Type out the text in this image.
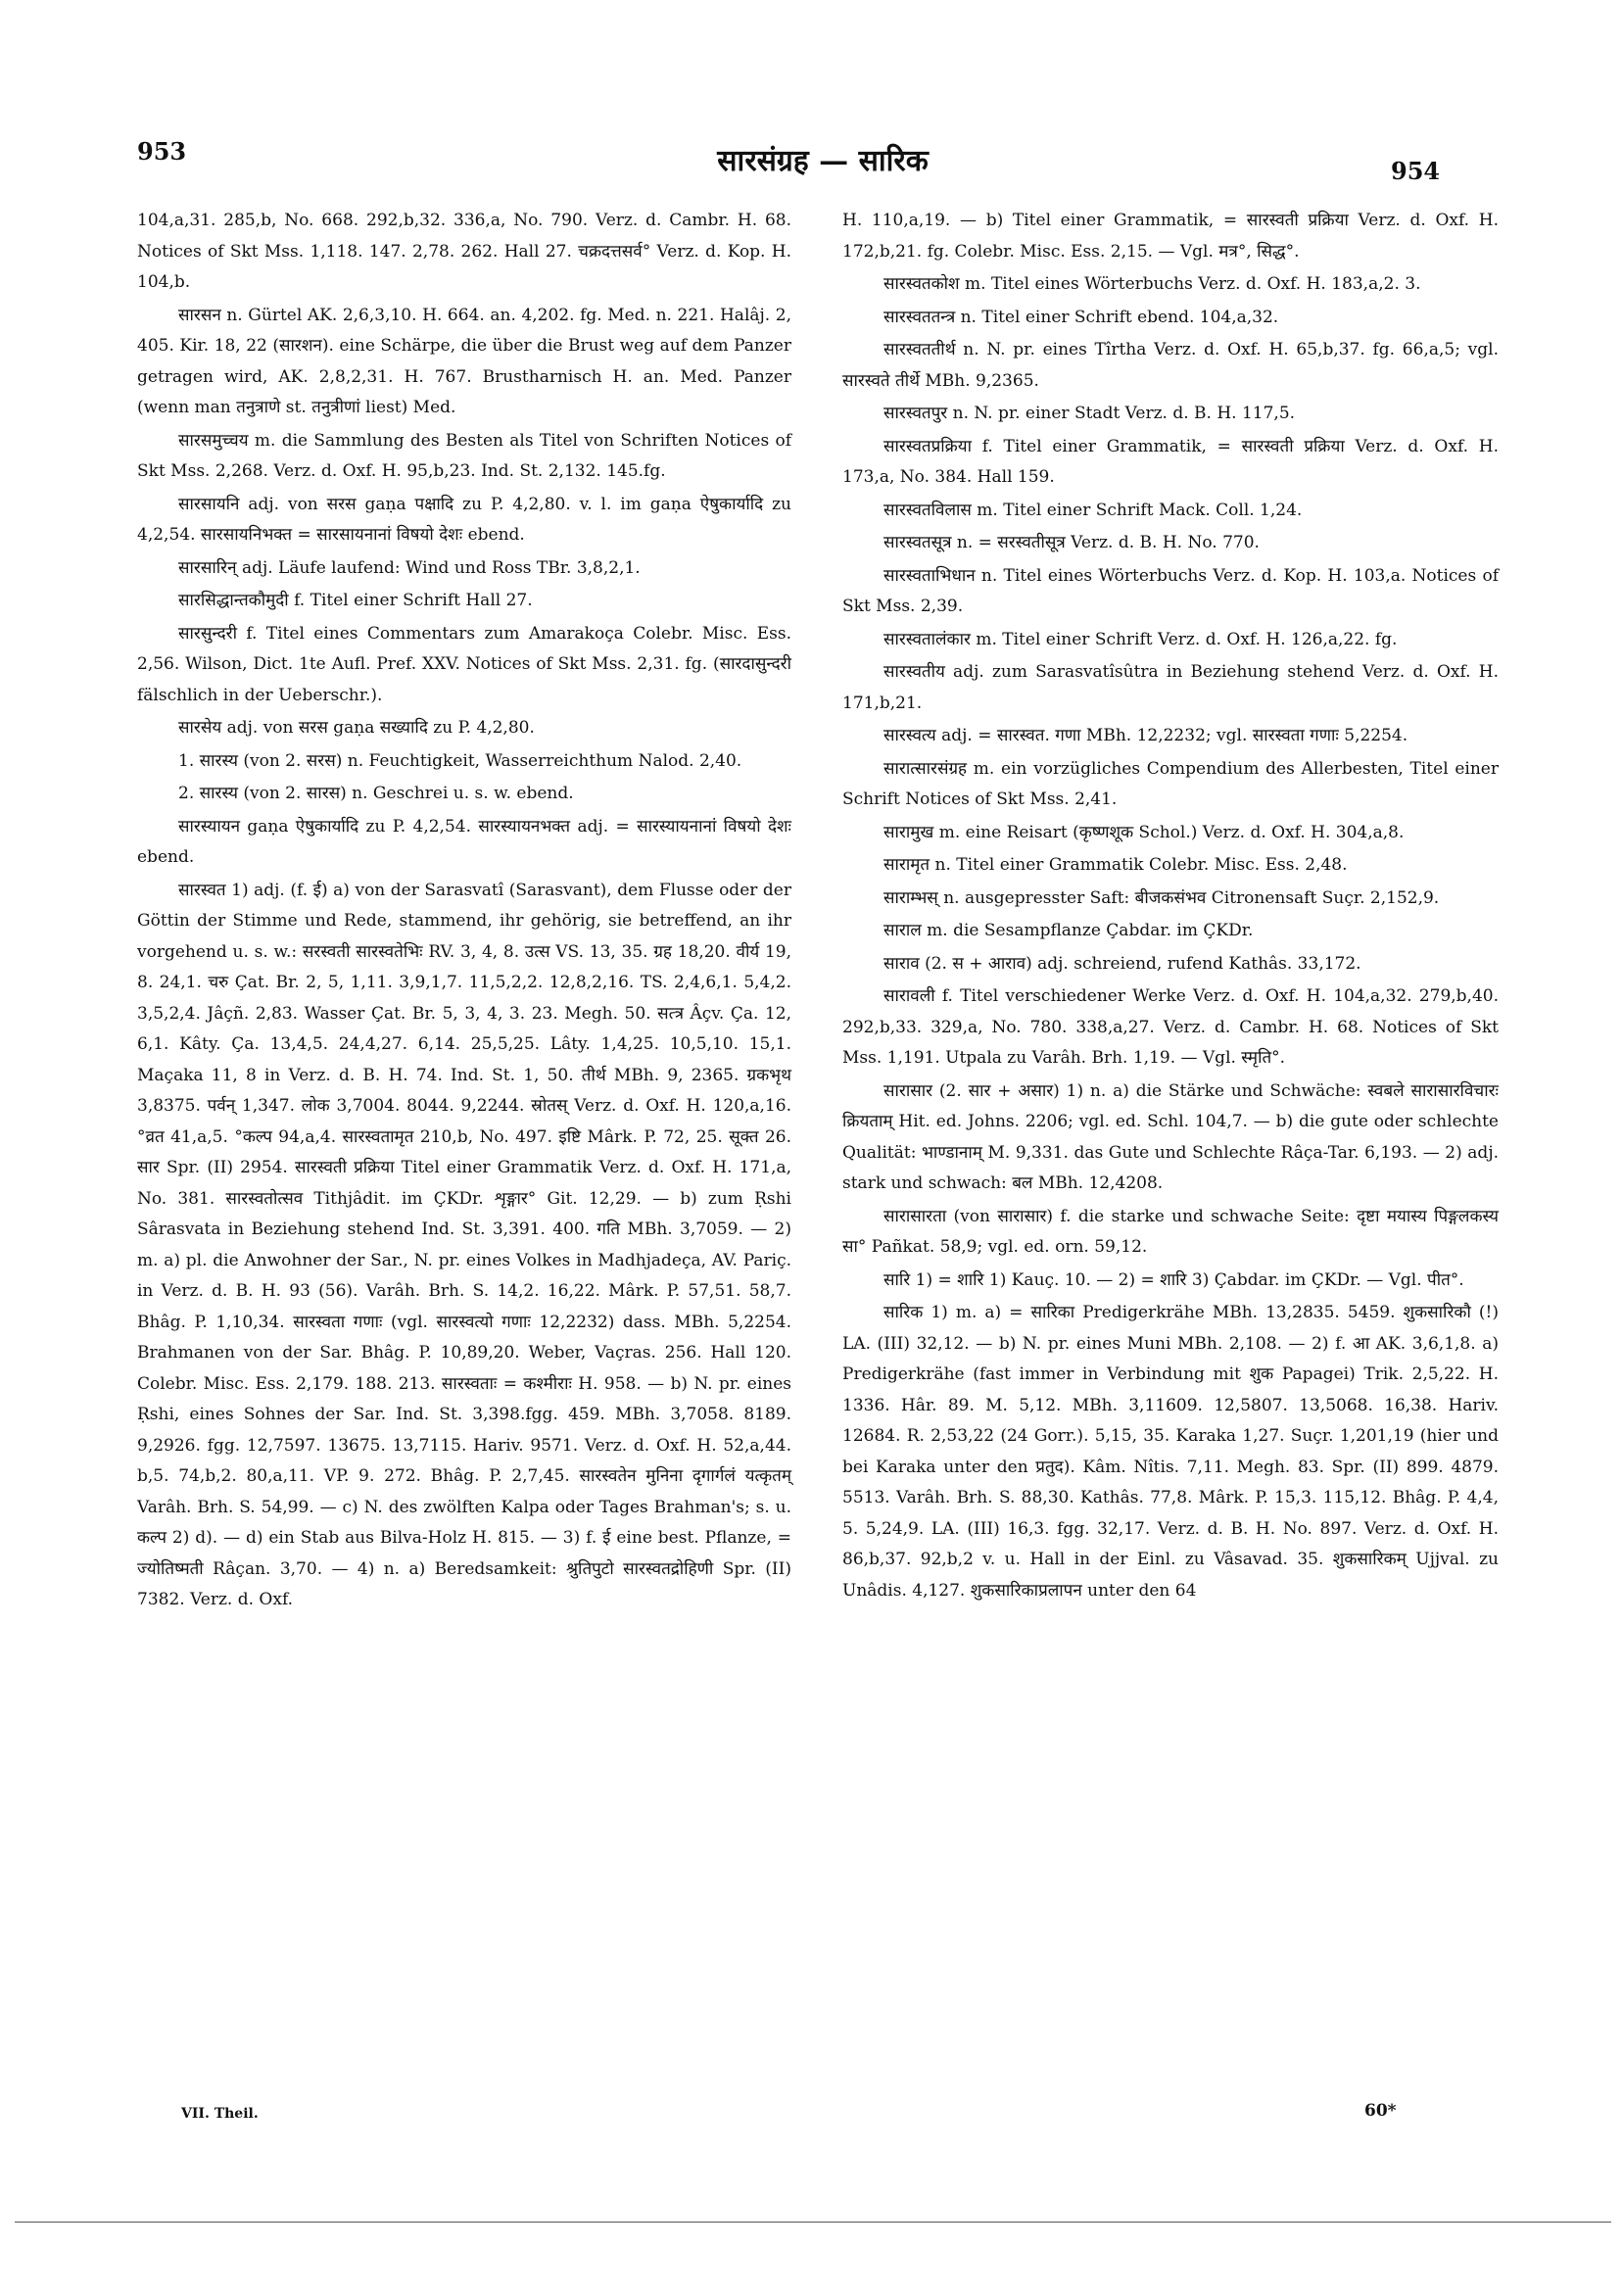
953	सारसंग्रह — सारिक	954

104,a,31. 285,b, No. 668. 292,b,32. 336,a, No. 790. Verz. d. Cambr. H. 68. Notices of Skt Mss. 1,118. 147. 2,78. 262. Hall 27. चक्रदत्तसर्व° Verz. d. Kop. H. 104,b.

सारसन n. Gürtel AK. 2,6,3,10. H. 664. an. 4,202. fg. Med. n. 221. Halâj. 2, 405. Kir. 18, 22 (सारशन). eine Schärpe, die über die Brust weg auf dem Panzer getragen wird, AK. 2,8,2,31. H. 767. Brustharnisch H. an. Med. Panzer (wenn man तनुत्राणे st. तनुत्रीणां liest) Med.

सारसमुच्चय m. die Sammlung des Besten als Titel von Schriften Notices of Skt Mss. 2,268. Verz. d. Oxf. H. 95,b,23. Ind. St. 2,132. 145.fg.

सारसायनि adj. von सरस gaṇa पक्षादि zu P. 4,2,80. v. l. im gaṇa ऐषुकार्यादि zu 4,2,54. सारसायनिभक्त = सारसायनानां विषयो देशः ebend.

सारसारिन् adj. Läufe laufend: Wind und Ross TBr. 3,8,2,1.

सारसिद्धान्तकौमुदी f. Titel einer Schrift Hall 27.

सारसुन्दरी f. Titel eines Commentars zum Amarakoça Colebr. Misc. Ess. 2,56. Wilson, Dict. 1te Aufl. Pref. XXV. Notices of Skt Mss. 2,31. fg. (सारदासुन्दरी fälschlich in der Ueberschr.).

सारसेय adj. von सरस gaṇa सख्यादि zu P. 4,2,80.

1. सारस्य (von 2. सरस) n. Feuchtigkeit, Wasserreichthum Nalod. 2,40.

2. सारस्य (von 2. सारस) n. Geschrei u. s. w. ebend.

सारस्यायन gaṇa ऐषुकार्यादि zu P. 4,2,54. सारस्यायनभक्त adj. = सारस्यायनानां विषयो देशः ebend.

सारस्वत 1) adj. (f. ई) a) von der Sarasvatî (Sarasvant), dem Flusse oder der Göttin der Stimme und Rede, stammend, ihr gehörig, sie betreffend, an ihr vorgehend u. s. w.: सरस्वती सारस्वतेभिः RV. 3, 4, 8. उत्स VS. 13, 35. ग्रह 18,20. वीर्य 19, 8. 24,1. चरु Çat. Br. 2, 5, 1,11. 3,9,1,7. 11,5,2,2. 12,8,2,16. TS. 2,4,6,1. 5,4,2. 3,5,2,4. Jâçñ. 2,83. Wasser Çat. Br. 5, 3, 4, 3. 23. Megh. 50. सत्त्र Âçv. Ça. 12, 6,1. Kâty. Ça. 13,4,5. 24,4,27. 6,14. 25,5,25. Lâty. 1,4,25. 10,5,10. 15,1. Maçaka 11, 8 in Verz. d. B. H. 74. Ind. St. 1, 50. तीर्थ MBh. 9, 2365. ग्रकभृथ 3,8375. पर्वन् 1,347. लोक 3,7004. 8044. 9,2244. स्रोतस् Verz. d. Oxf. H. 120,a,16. °व्रत 41,a,5. °कल्प 94,a,4. सारस्वतामृत 210,b, No. 497. इष्टि Mârk. P. 72, 25. सूक्त 26. सार Spr. (II) 2954. सारस्वती प्रक्रिया Titel einer Grammatik Verz. d. Oxf. H. 171,a, No. 381. सारस्वतोत्सव Tithjâdit. im ÇKDr. शृङ्गार° Git. 12,29. — b) zum Ṛshi Sârasvata in Beziehung stehend Ind. St. 3,391. 400. गति MBh. 3,7059. — 2) m. a) pl. die Anwohner der Sar., N. pr. eines Volkes in Madhjadeça, AV. Pariç. in Verz. d. B. H. 93 (56). Varâh. Brh. S. 14,2. 16,22. Mârk. P. 57,51. 58,7. Bhâg. P. 1,10,34. सारस्वता गणाः (vgl. सारस्वत्यो गणाः 12,2232) dass. MBh. 5,2254. Brahmanen von der Sar. Bhâg. P. 10,89,20. Weber, Vaçras. 256. Hall 120. Colebr. Misc. Ess. 2,179. 188. 213. सारस्वताः = कश्मीराः H. 958. — b) N. pr. eines Ṛshi, eines Sohnes der Sar. Ind. St. 3,398.fgg. 459. MBh. 3,7058. 8189. 9,2926. fgg. 12,7597. 13675. 13,7115. Hariv. 9571. Verz. d. Oxf. H. 52,a,44. b,5. 74,b,2. 80,a,11. VP. 9. 272. Bhâg. P. 2,7,45. सारस्वतेन मुनिना दृगार्गलं यत्कृतम् Varâh. Brh. S. 54,99. — c) N. des zwölften Kalpa oder Tages Brahman's; s. u. कल्प 2) d). — d) ein Stab aus Bilva-Holz H. 815. — 3) f. ई eine best. Pflanze, = ज्योतिष्मती Râçan. 3,70. — 4) n. a) Beredsamkeit: श्रुतिपुटो सारस्वतद्रोहिणी Spr. (II) 7382. Verz. d. Oxf.

H. 110,a,19. — b) Titel einer Grammatik, = सारस्वती प्रक्रिया Verz. d. Oxf. H. 172,b,21. fg. Colebr. Misc. Ess. 2,15. — Vgl. मत्र°, सिद्ध°.

सारस्वतकोश m. Titel eines Wörterbuchs Verz. d. Oxf. H. 183,a,2. 3.

सारस्वततन्त्र n. Titel einer Schrift ebend. 104,a,32.

सारस्वततीर्थ n. N. pr. eines Tîrtha Verz. d. Oxf. H. 65,b,37. fg. 66,a,5; vgl. सारस्वते तीर्थे MBh. 9,2365.

सारस्वतपुर n. N. pr. einer Stadt Verz. d. B. H. 117,5.

सारस्वतप्रक्रिया f. Titel einer Grammatik, = सारस्वती प्रक्रिया Verz. d. Oxf. H. 173,a, No. 384. Hall 159.

सारस्वतविलास m. Titel einer Schrift Mack. Coll. 1,24.

सारस्वतसूत्र n. = सरस्वतीसूत्र Verz. d. B. H. No. 770.

सारस्वताभिधान n. Titel eines Wörterbuchs Verz. d. Kop. H. 103,a. Notices of Skt Mss. 2,39.

सारस्वतालंकार m. Titel einer Schrift Verz. d. Oxf. H. 126,a,22. fg.

सारस्वतीय adj. zum Sarasvatîsûtra in Beziehung stehend Verz. d. Oxf. H. 171,b,21.

सारस्वत्य adj. = सारस्वत. गणा MBh. 12,2232; vgl. सारस्वता गणाः 5,2254.

सारात्सारसंग्रह m. ein vorzügliches Compendium des Allerbesten, Titel einer Schrift Notices of Skt Mss. 2,41.

सारामुख m. eine Reisart (कृष्णशूक Schol.) Verz. d. Oxf. H. 304,a,8.

सारामृत n. Titel einer Grammatik Colebr. Misc. Ess. 2,48.

साराम्भस् n. ausgepresster Saft: बीजकसंभव Citronensaft Suçr. 2,152,9.

साराल m. die Sesampflanze Çabdar. im ÇKDr.

साराव (2. स + आराव) adj. schreiend, rufend Kathâs. 33,172.

सारावली f. Titel verschiedener Werke Verz. d. Oxf. H. 104,a,32. 279,b,40. 292,b,33. 329,a, No. 780. 338,a,27. Verz. d. Cambr. H. 68. Notices of Skt Mss. 1,191. Utpala zu Varâh. Brh. 1,19. — Vgl. स्मृति°.

सारासार (2. सार + असार) 1) n. a) die Stärke und Schwäche: स्वबले सारासारविचारः क्रियताम् Hit. ed. Johns. 2206; vgl. ed. Schl. 104,7. — b) die gute oder schlechte Qualität: भाण्डानाम् M. 9,331. das Gute und Schlechte Râça-Tar. 6,193. — 2) adj. stark und schwach: बल MBh. 12,4208.

सारासारता (von सारासार) f. die starke und schwache Seite: दृष्टा मयास्य पिङ्गलकस्य सा° Pañkat. 58,9; vgl. ed. orn. 59,12.

सारि 1) = शारि 1) Kauç. 10. — 2) = शारि 3) Çabdar. im ÇKDr. — Vgl. पीत°.

सारिक 1) m. a) = सारिका Predigerkrähe MBh. 13,2835. 5459. शुकसारिकौ (!) LA. (III) 32,12. — b) N. pr. eines Muni MBh. 2,108. — 2) f. आ AK. 3,6,1,8. a) Predigerkrähe (fast immer in Verbindung mit शुक Papagei) Trik. 2,5,22. H. 1336. Hâr. 89. M. 5,12. MBh. 3,11609. 12,5807. 13,5068. 16,38. Hariv. 12684. R. 2,53,22 (24 Gorr.). 5,15, 35. Karaka 1,27. Suçr. 1,201,19 (hier und bei Karaka unter den प्रतुद). Kâm. Nîtis. 7,11. Megh. 83. Spr. (II) 899. 4879. 5513. Varâh. Brh. S. 88,30. Kathâs. 77,8. Mârk. P. 15,3. 115,12. Bhâg. P. 4,4, 5. 5,24,9. LA. (III) 16,3. fgg. 32,17. Verz. d. B. H. No. 897. Verz. d. Oxf. H. 86,b,37. 92,b,2 v. u. Hall in der Einl. zu Vâsavad. 35. शुकसारिकम् Ujjval. zu Unâdis. 4,127. शुकसारिकाप्रलापन unter den 64

VII. Theil.	60*
